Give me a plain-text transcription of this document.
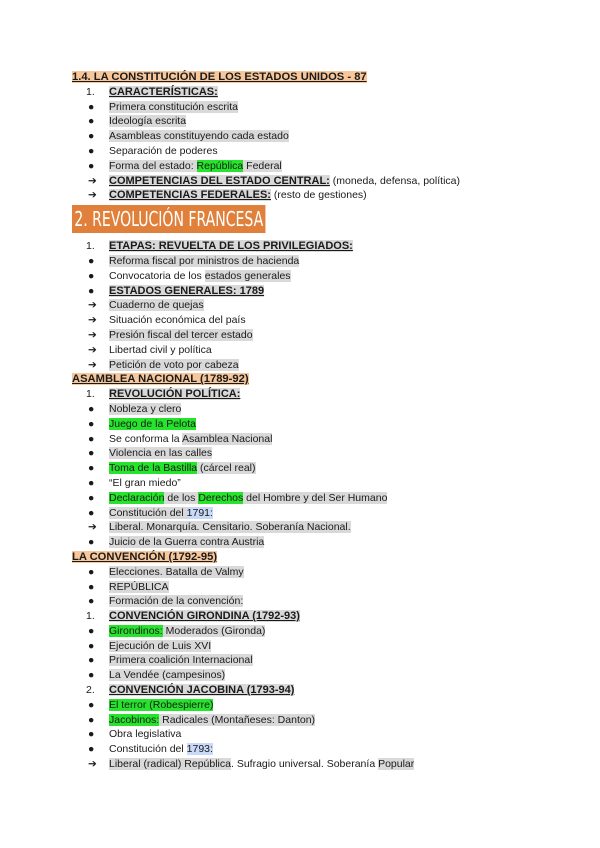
1.4. LA CONSTITUCIÓN DE LOS ESTADOS UNIDOS - 87
1.	CARACTERÍSTICAS:
●	Primera constitución escrita
●	Ideología escrita
●	Asambleas constituyendo cada estado
●	Separación de poderes
●	Forma del estado: República Federal
➔	COMPETENCIAS DEL ESTADO CENTRAL: (moneda, defensa, política)
➔	COMPETENCIAS FEDERALES: (resto de gestiones)
2. REVOLUCIÓN FRANCESA
1.	ETAPAS: REVUELTA DE LOS PRIVILEGIADOS:
●	Reforma fiscal por ministros de hacienda
●	Convocatoria de los estados generales
●	ESTADOS GENERALES: 1789
➔	Cuaderno de quejas
➔	Situación económica del país
➔	Presión fiscal del tercer estado
➔	Libertad civil y política
➔	Petición de voto por cabeza
ASAMBLEA NACIONAL (1789-92)
1.	REVOLUCIÓN POLÍTICA:
●	Nobleza y clero
●	Juego de la Pelota
●	Se conforma la Asamblea Nacional
●	Violencia en las calles
●	Toma de la Bastilla (cárcel real)
●	“El gran miedo”
●	Declaración de los Derechos del Hombre y del Ser Humano
●	Constitución del 1791:
➔	Liberal. Monarquía. Censitario. Soberanía Nacional.
●	Juicio de la Guerra contra Austria
LA CONVENCIÓN (1792-95)
●	Elecciones. Batalla de Valmy
●	REPÚBLICA
●	Formación de la convención:
1.	CONVENCIÓN GIRONDINA (1792-93)
●	Girondinos: Moderados (Gironda)
●	Ejecución de Luis XVI
●	Primera coalición Internacional
●	La Vendée (campesinos)
2.	CONVENCIÓN JACOBINA (1793-94)
●	El terror (Robespierre)
●	Jacobinos: Radicales (Montañeses: Danton)
●	Obra legislativa
●	Constitución del 1793:
➔	Liberal (radical) República. Sufragio universal. Soberanía Popular
